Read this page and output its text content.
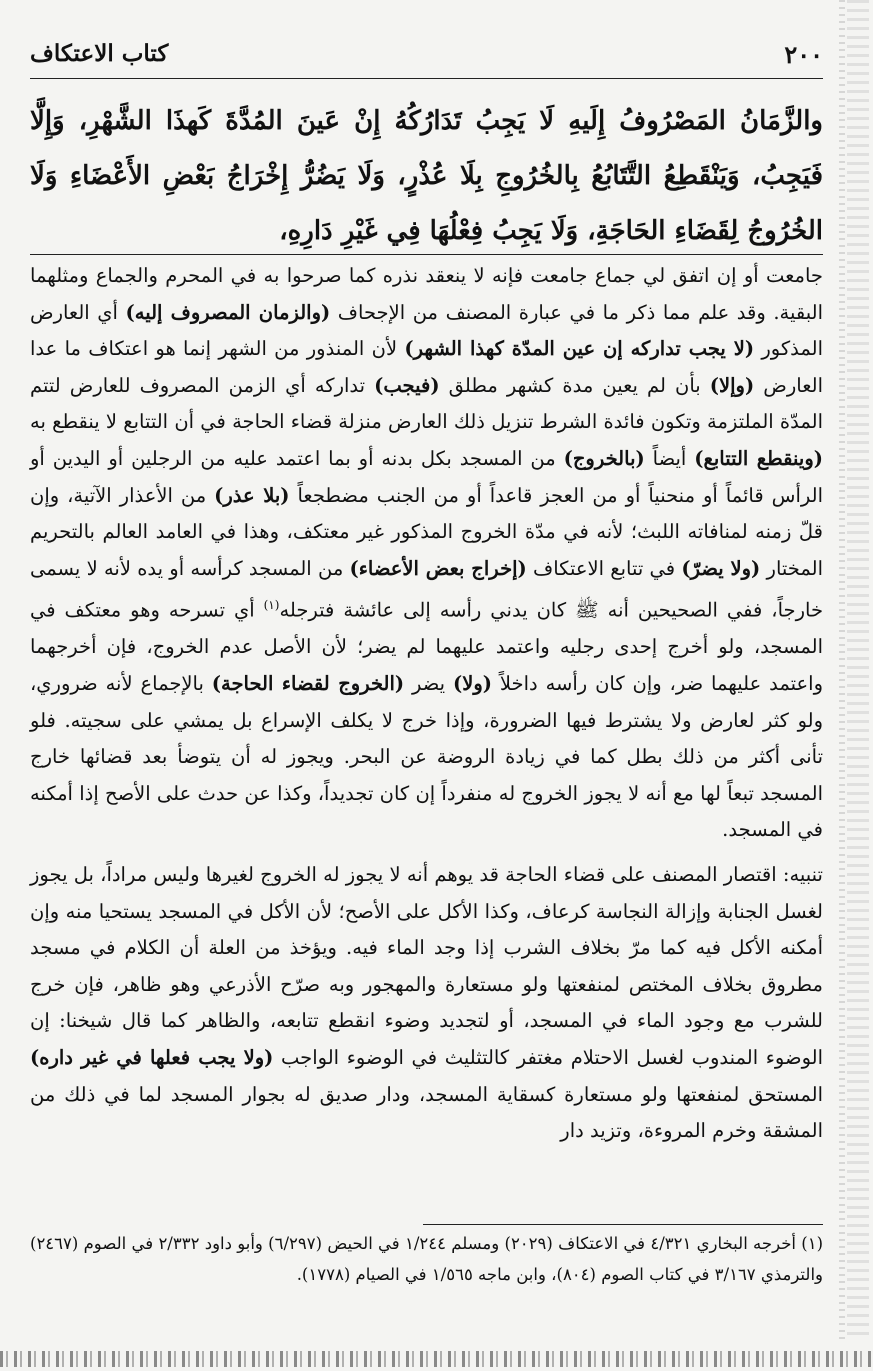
٢٠٠
كتاب الاعتكاف
والزَّمَانُ المَصْرُوفُ إِلَيهِ لَا يَجِبُ تَدَارُكُهُ إِنْ عَينَ المُدَّةَ كَهذَا الشَّهْرِ، وَإِلَّا فَيَجِبُ، وَيَنْقَطِعُ التَّتَابُعُ بِالخُرُوجِ بِلَا عُذْرٍ، وَلَا يَضُرُّ إِخْرَاجُ بَعْضِ الأَعْضَاءِ وَلَا الخُرُوجُ لِقَضَاءِ الحَاجَةِ، وَلَا يَجِبُ فِعْلُهَا فِي غَيْرِ دَارِهِ،

جامعت أو إن اتفق لي جماع جامعت فإنه لا ينعقد نذره كما صرحوا به في المحرم والجماع ومثلهما البقية. وقد علم مما ذكر ما في عبارة المصنف من الإجحاف (والزمان المصروف إليه) أي العارض المذكور (لا يجب تداركه إن عين المدّة كهذا الشهر) لأن المنذور من الشهر إنما هو اعتكاف ما عدا العارض (وإلا) بأن لم يعين مدة كشهر مطلق (فيجب) تداركه أي الزمن المصروف للعارض لتتم المدّة الملتزمة وتكون فائدة الشرط تنزيل ذلك العارض منزلة قضاء الحاجة في أن التتابع لا ينقطع به (وينقطع التتابع) أيضاً (بالخروج) من المسجد بكل بدنه أو بما اعتمد عليه من الرجلين أو اليدين أو الرأس قائماً أو منحنياً أو من العجز قاعداً أو من الجنب مضطجعاً (بلا عذر) من الأعذار الآتية، وإن قلّ زمنه لمنافاته اللبث؛ لأنه في مدّة الخروج المذكور غير معتكف، وهذا في العامد العالم بالتحريم المختار (ولا يضرّ) في تتابع الاعتكاف (إخراج بعض الأعضاء) من المسجد كرأسه أو يده لأنه لا يسمى خارجاً، ففي الصحيحين أنه ﷺ كان يدني رأسه إلى عائشة فترجله$^{(١)}$ أي تسرحه وهو معتكف في المسجد، ولو أخرج إحدى رجليه واعتمد عليهما لم يضر؛ لأن الأصل عدم الخروج، فإن أخرجهما واعتمد عليهما ضر، وإن كان رأسه داخلاً (ولا) يضر (الخروج لقضاء الحاجة) بالإجماع لأنه ضروري، ولو كثر لعارض ولا يشترط فيها الضرورة، وإذا خرج لا يكلف الإسراع بل يمشي على سجيته. فلو تأنى أكثر من ذلك بطل كما في زيادة الروضة عن البحر. ويجوز له أن يتوضأ بعد قضائها خارج المسجد تبعاً لها مع أنه لا يجوز الخروج له منفرداً إن كان تجديداً، وكذا عن حدث على الأصح إذا أمكنه في المسجد.

تنبيه: اقتصار المصنف على قضاء الحاجة قد يوهم أنه لا يجوز له الخروج لغيرها وليس مراداً، بل يجوز لغسل الجنابة وإزالة النجاسة كرعاف، وكذا الأكل على الأصح؛ لأن الأكل في المسجد يستحيا منه وإن أمكنه الأكل فيه كما مرّ بخلاف الشرب إذا وجد الماء فيه. ويؤخذ من العلة أن الكلام في مسجد مطروق بخلاف المختص لمنفعتها ولو مستعارة والمهجور وبه صرّح الأذرعي وهو ظاهر، فإن خرج للشرب مع وجود الماء في المسجد، أو لتجديد وضوء انقطع تتابعه، والظاهر كما قال شيخنا: إن الوضوء المندوب لغسل الاحتلام مغتفر كالتثليث في الوضوء الواجب (ولا يجب فعلها في غير داره) المستحق لمنفعتها ولو مستعارة كسقاية المسجد، ودار صديق له بجوار المسجد لما في ذلك من المشقة وخرم المروءة، وتزيد دار

(١) أخرجه البخاري ٤/٣٢١ في الاعتكاف (٢٠٢٩) ومسلم ١/٢٤٤ في الحيض (٦/٢٩٧) وأبو داود ٢/٣٣٢ في الصوم (٢٤٦٧) والترمذي ٣/١٦٧ في كتاب الصوم (٨٠٤)، وابن ماجه ١/٥٦٥ في الصيام (١٧٧٨).
